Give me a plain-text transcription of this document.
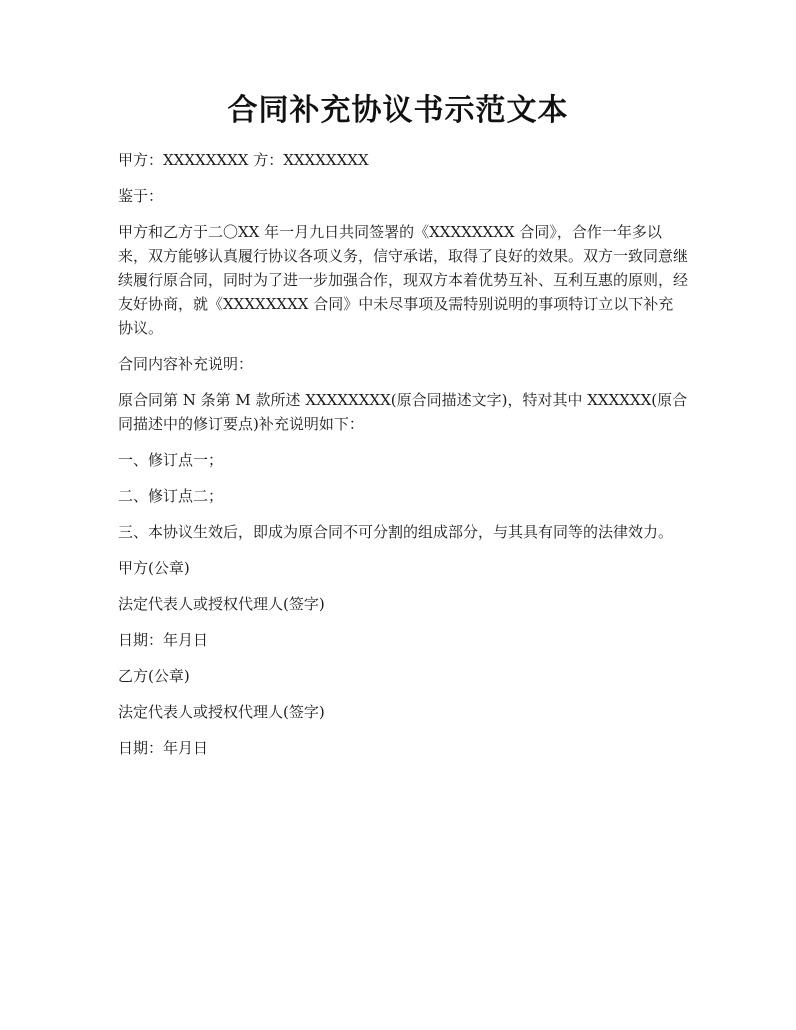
合同补充协议书示范文本

甲方：XXXXXXXX 方：XXXXXXXX

鉴于：

甲方和乙方于二〇XX 年一月九日共同签署的《XXXXXXXX 合同》，合作一年多以来，双方能够认真履行协议各项义务，信守承诺，取得了良好的效果。双方一致同意继续履行原合同，同时为了进一步加强合作，现双方本着优势互补、互利互惠的原则，经友好协商，就《XXXXXXXX 合同》中未尽事项及需特别说明的事项特订立以下补充协议。

合同内容补充说明：

原合同第 N 条第 M 款所述 XXXXXXXX(原合同描述文字)，特对其中 XXXXXX(原合同描述中的修订要点)补充说明如下：

一、修订点一；

二、修订点二；

三、本协议生效后，即成为原合同不可分割的组成部分，与其具有同等的法律效力。

甲方(公章)

法定代表人或授权代理人(签字)

日期：年月日

乙方(公章)

法定代表人或授权代理人(签字)

日期：年月日
